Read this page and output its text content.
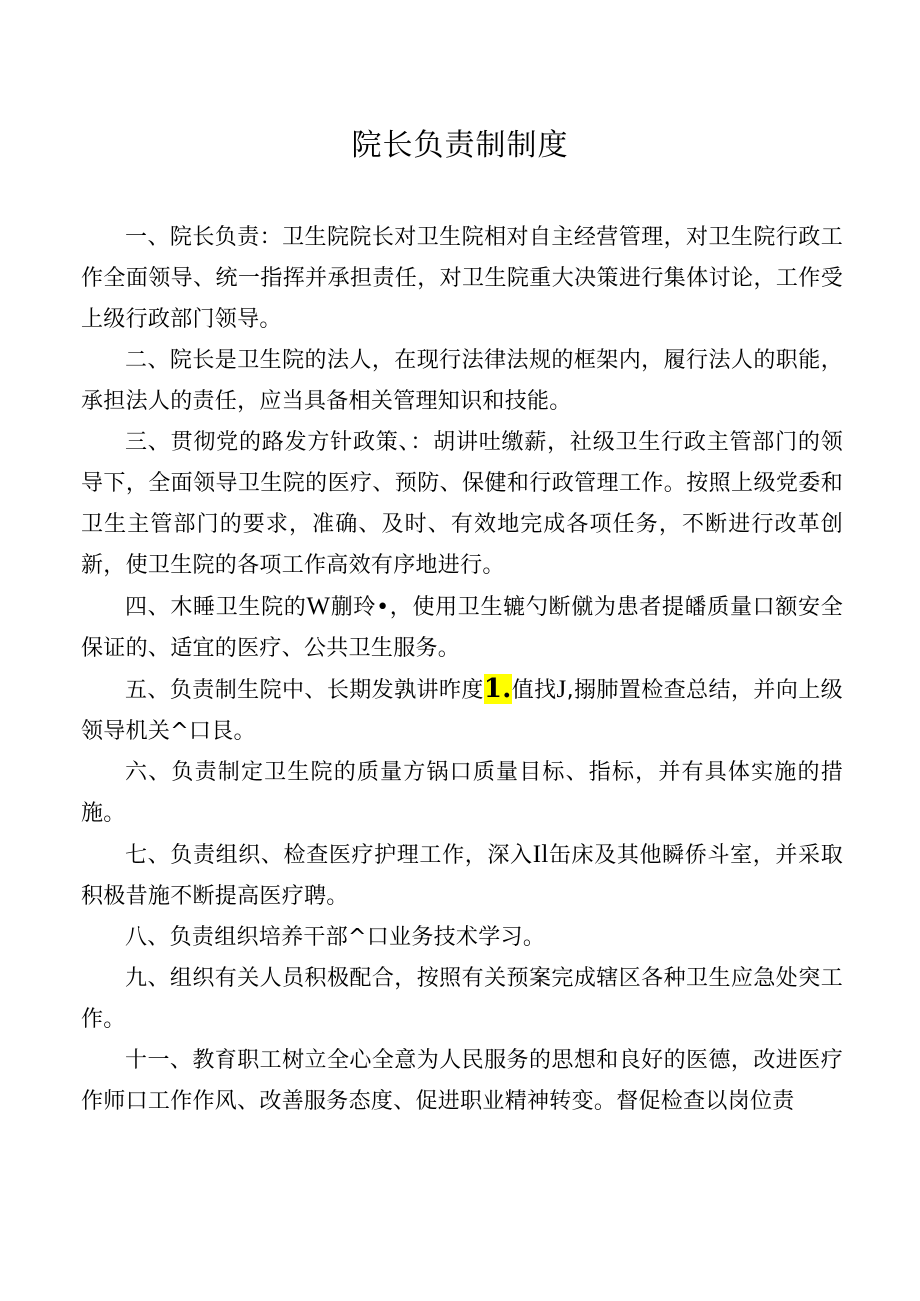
院长负责制制度

一、院长负责：卫生院院长对卫生院相对自主经营管理，对卫生院行政工作全面领导、统一指挥并承担责任，对卫生院重大决策进行集体讨论，工作受上级行政部门领导。

二、院长是卫生院的法人，在现行法律法规的框架内，履行法人的职能，承担法人的责任，应当具备相关管理知识和技能。

三、贯彻党的路发方针政策、：胡讲吐缴薪，社级卫生行政主管部门的领导下，全面领导卫生院的医疗、预防、保健和行政管理工作。按照上级党委和卫生主管部门的要求，准确、及时、有效地完成各项任务，不断进行改革创新，使卫生院的各项工作高效有序地进行。

四、木睡卫生院的W蒯玲•，使用卫生辘勺断僦为患者提皤质量口额安全保证的、适宜的医疗、公共卫生服务。

五、负责制生院中、长期发孰讲昨度1.值找J,搦肺置检查总结，并向上级领导机关^口艮。

六、负责制定卫生院的质量方锅口质量目标、指标，并有具体实施的措施。

七、负责组织、检查医疗护理工作，深入Il缶床及其他瞬侨斗室，并采取积极昔施不断提高医疗聘。

八、负责组织培养干部^口业务技术学习。

九、组织有关人员积极配合，按照有关预案完成辖区各种卫生应急处突工作。

十一、教育职工树立全心全意为人民服务的思想和良好的医德，改进医疗作师口工作作风、改善服务态度、促进职业精神转变。督促检查以岗位责
